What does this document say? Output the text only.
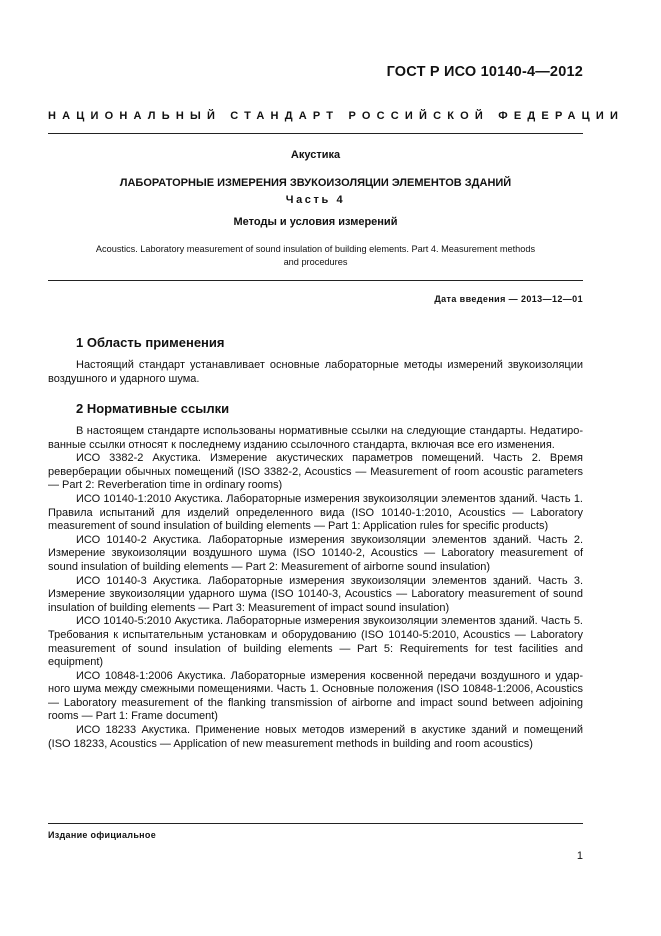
ГОСТ Р ИСО 10140-4—2012
НАЦИОНАЛЬНЫЙ СТАНДАРТ РОССИЙСКОЙ ФЕДЕРАЦИИ
Акустика
ЛАБОРАТОРНЫЕ ИЗМЕРЕНИЯ ЗВУКОИЗОЛЯЦИИ ЭЛЕМЕНТОВ ЗДАНИЙ
Часть 4
Методы и условия измерений
Acoustics. Laboratory measurement of sound insulation of building elements. Part 4. Measurement methods
and procedures
Дата введения — 2013—12—01
1 Область применения

Настоящий стандарт устанавливает основные лабораторные методы измерений звукоизоляции воздушного и ударного шума.

2 Нормативные ссылки

В настоящем стандарте использованы нормативные ссылки на следующие стандарты. Недатиро-ванные ссылки относят к последнему изданию ссылочного стандарта, включая все его изменения.

ИСО 3382-2 Акустика. Измерение акустических параметров помещений. Часть 2. Время реверберации обычных помещений (ISO 3382-2, Acoustics — Measurement of room acoustic parameters — Part 2: Reverberation time in ordinary rooms)

ИСО 10140-1:2010 Акустика. Лабораторные измерения звукоизоляции элементов зданий. Часть 1. Правила испытаний для изделий определенного вида (ISO 10140-1:2010, Acoustics — Laboratory measurement of sound insulation of building elements — Part 1: Application rules for specific products)

ИСО 10140-2 Акустика. Лабораторные измерения звукоизоляции элементов зданий. Часть 2. Измерение звукоизоляции воздушного шума (ISO 10140-2, Acoustics — Laboratory measurement of sound insulation of building elements — Part 2: Measurement of airborne sound insulation)

ИСО 10140-3 Акустика. Лабораторные измерения звукоизоляции элементов зданий. Часть 3. Измерение звукоизоляции ударного шума (ISO 10140-3, Acoustics — Laboratory measurement of sound insulation of building elements — Part 3: Measurement of impact sound insulation)

ИСО 10140-5:2010 Акустика. Лабораторные измерения звукоизоляции элементов зданий. Часть 5. Требования к испытательным установкам и оборудованию (ISO 10140-5:2010, Acoustics — Laboratory measurement of sound insulation of building elements — Part 5: Requirements for test facilities and equipment)

ИСО 10848-1:2006 Акустика. Лабораторные измерения косвенной передачи воздушного и удар-ного шума между смежными помещениями. Часть 1. Основные положения (ISO 10848-1:2006, Acoustics — Laboratory measurement of the flanking transmission of airborne and impact sound between adjoining rooms — Part 1: Frame document)

ИСО 18233 Акустика. Применение новых методов измерений в акустике зданий и помещений (ISO 18233, Acoustics — Application of new measurement methods in building and room acoustics)

Издание официальное
1
